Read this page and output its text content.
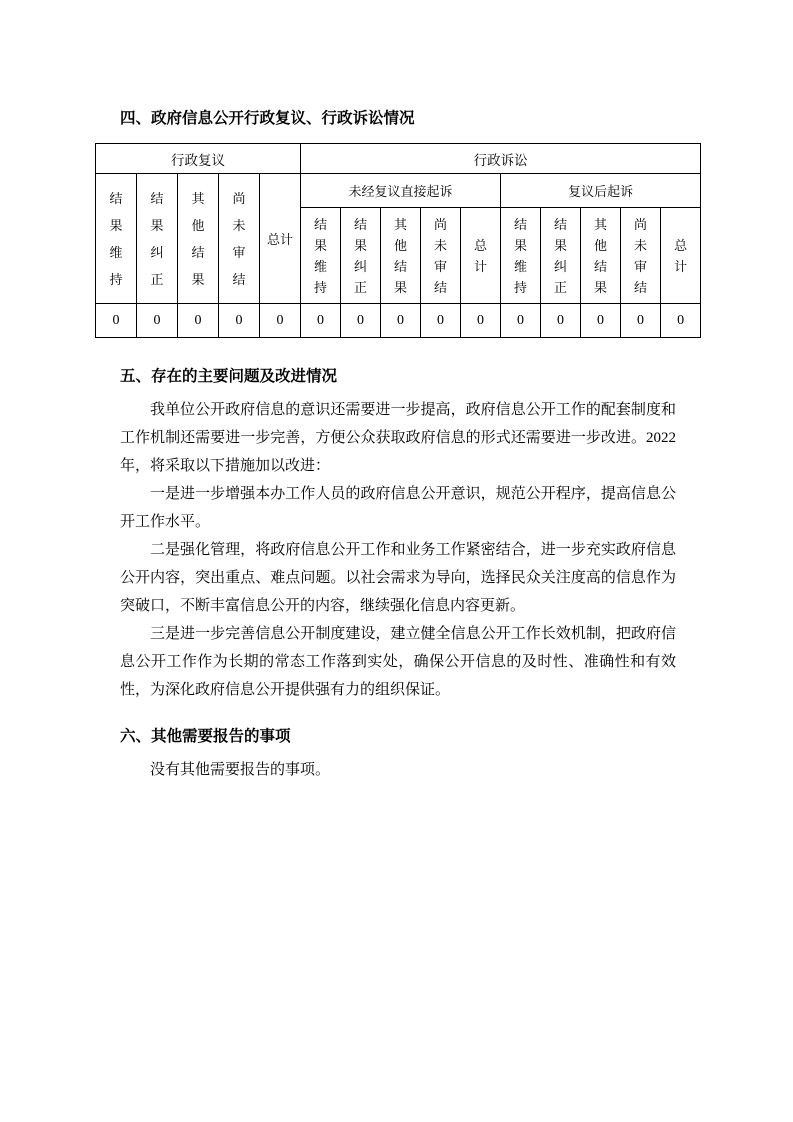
四、政府信息公开行政复议、行政诉讼情况
行政复议					行政诉讼									
结果维持	结果纠正	其他结果	尚未审结	总计	未经复议直接起诉					复议后起诉				
					结果维持	结果纠正	其他结果	尚未审结	总计	结果维持	结果纠正	其他结果	尚未审结	总计
0	0	0	0	0	0	0	0	0	0	0	0	0	0	0
五、存在的主要问题及改进情况

我单位公开政府信息的意识还需要进一步提高，政府信息公开工作的配套制度和工作机制还需要进一步完善，方便公众获取政府信息的形式还需要进一步改进。2022 年，将采取以下措施加以改进：

一是进一步增强本办工作人员的政府信息公开意识，规范公开程序，提高信息公开工作水平。

二是强化管理，将政府信息公开工作和业务工作紧密结合，进一步充实政府信息公开内容，突出重点、难点问题。以社会需求为导向，选择民众关注度高的信息作为突破口，不断丰富信息公开的内容，继续强化信息内容更新。

三是进一步完善信息公开制度建设，建立健全信息公开工作长效机制，把政府信息公开工作作为长期的常态工作落到实处，确保公开信息的及时性、准确性和有效性，为深化政府信息公开提供强有力的组织保证。

六、其他需要报告的事项

没有其他需要报告的事项。
